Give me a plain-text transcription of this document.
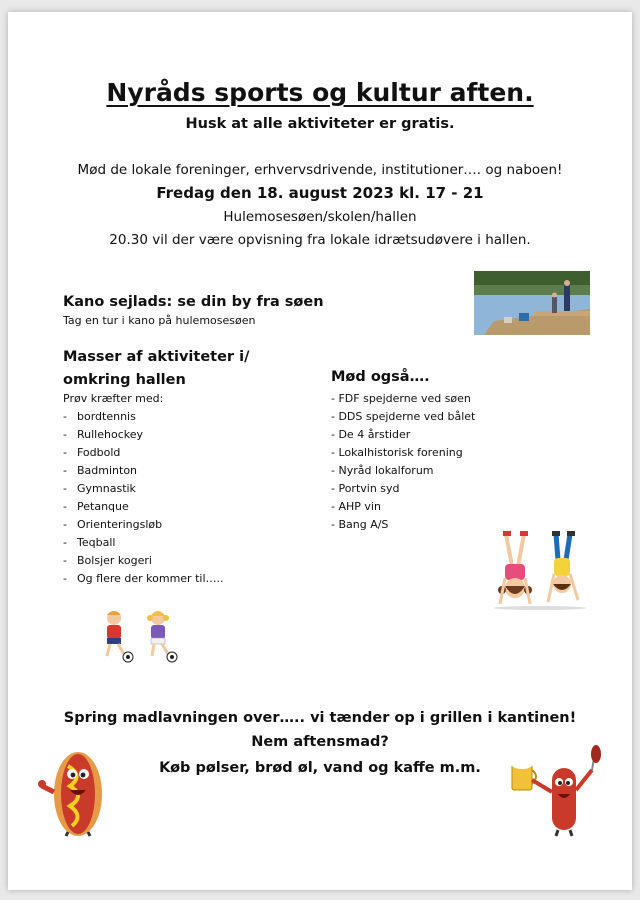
Nyråds sports og kultur aften.
Husk at alle aktiviteter er gratis.
Mød de lokale foreninger, erhvervsdrivende, institutioner…. og naboen!
Fredag den 18. august 2023 kl. 17 - 21
Hulemosesøen/skolen/hallen
20.30 vil der være opvisning fra lokale idrætsudøvere i hallen.
Kano sejlads: se din by fra søen
Tag en tur i kano på hulemosesøen
Masser af aktiviteter i/ omkring hallen
Prøv kræfter med:
- bordtennis
- Rullehockey
- Fodbold
- Badminton
- Gymnastik
- Petanque
- Orienteringsløb
- Teqball
- Bolsjer kogeri
- Og flere der kommer til…..
Mød også….
- FDF spejderne ved søen
- DDS spejderne ved bålet
- De 4 årstider
- Lokalhistorisk forening
- Nyråd lokalforum
- Portvin syd
- AHP vin
- Bang A/S
Spring madlavningen over….. vi tænder op i grillen i kantinen!
Nem aftensmad?
Køb pølser, brød øl, vand og kaffe m.m.
